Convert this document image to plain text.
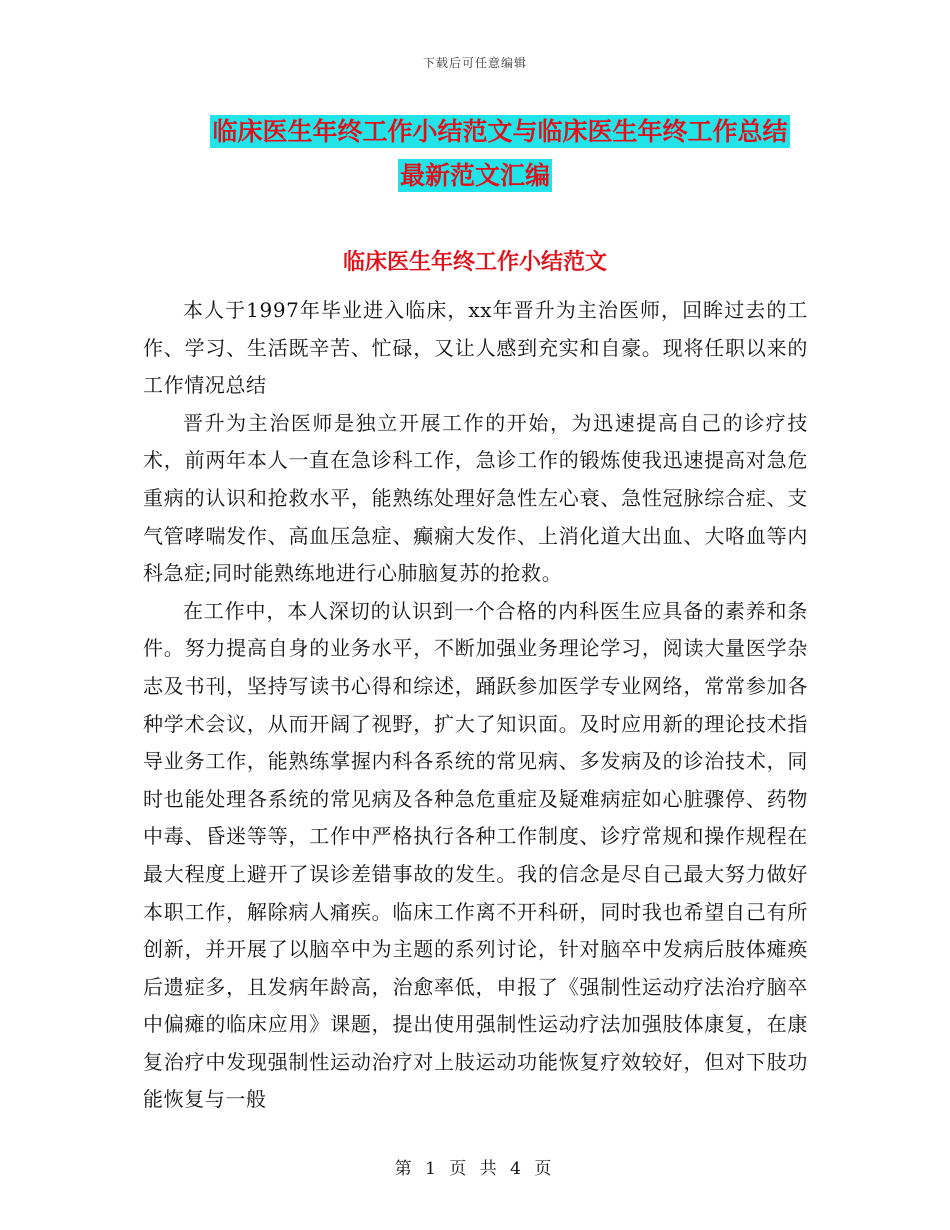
下载后可任意编辑
临床医生年终工作小结范文与临床医生年终工作总结
最新范文汇编
临床医生年终工作小结范文

本人于1997年毕业进入临床，xx年晋升为主治医师，回眸过去的工作、学习、生活既辛苦、忙碌，又让人感到充实和自豪。现将任职以来的工作情况总结

晋升为主治医师是独立开展工作的开始，为迅速提高自己的诊疗技术，前两年本人一直在急诊科工作，急诊工作的锻炼使我迅速提高对急危重病的认识和抢救水平，能熟练处理好急性左心衰、急性冠脉综合症、支气管哮喘发作、高血压急症、癫痫大发作、上消化道大出血、大咯血等内科急症;同时能熟练地进行心肺脑复苏的抢救。

在工作中，本人深切的认识到一个合格的内科医生应具备的素养和条件。努力提高自身的业务水平，不断加强业务理论学习，阅读大量医学杂志及书刊，坚持写读书心得和综述，踊跃参加医学专业网络，常常参加各种学术会议，从而开阔了视野，扩大了知识面。及时应用新的理论技术指导业务工作，能熟练掌握内科各系统的常见病、多发病及的诊治技术，同时也能处理各系统的常见病及各种急危重症及疑难病症如心脏骤停、药物中毒、昏迷等等，工作中严格执行各种工作制度、诊疗常规和操作规程在最大程度上避开了误诊差错事故的发生。我的信念是尽自己最大努力做好本职工作，解除病人痛疾。临床工作离不开科研，同时我也希望自己有所创新，并开展了以脑卒中为主题的系列讨论，针对脑卒中发病后肢体瘫痪后遗症多，且发病年龄高，治愈率低，申报了《强制性运动疗法治疗脑卒中偏瘫的临床应用》课题，提出使用强制性运动疗法加强肢体康复，在康复治疗中发现强制性运动治疗对上肢运动功能恢复疗效较好，但对下肢功能恢复与一般

第 1 页 共 4 页
